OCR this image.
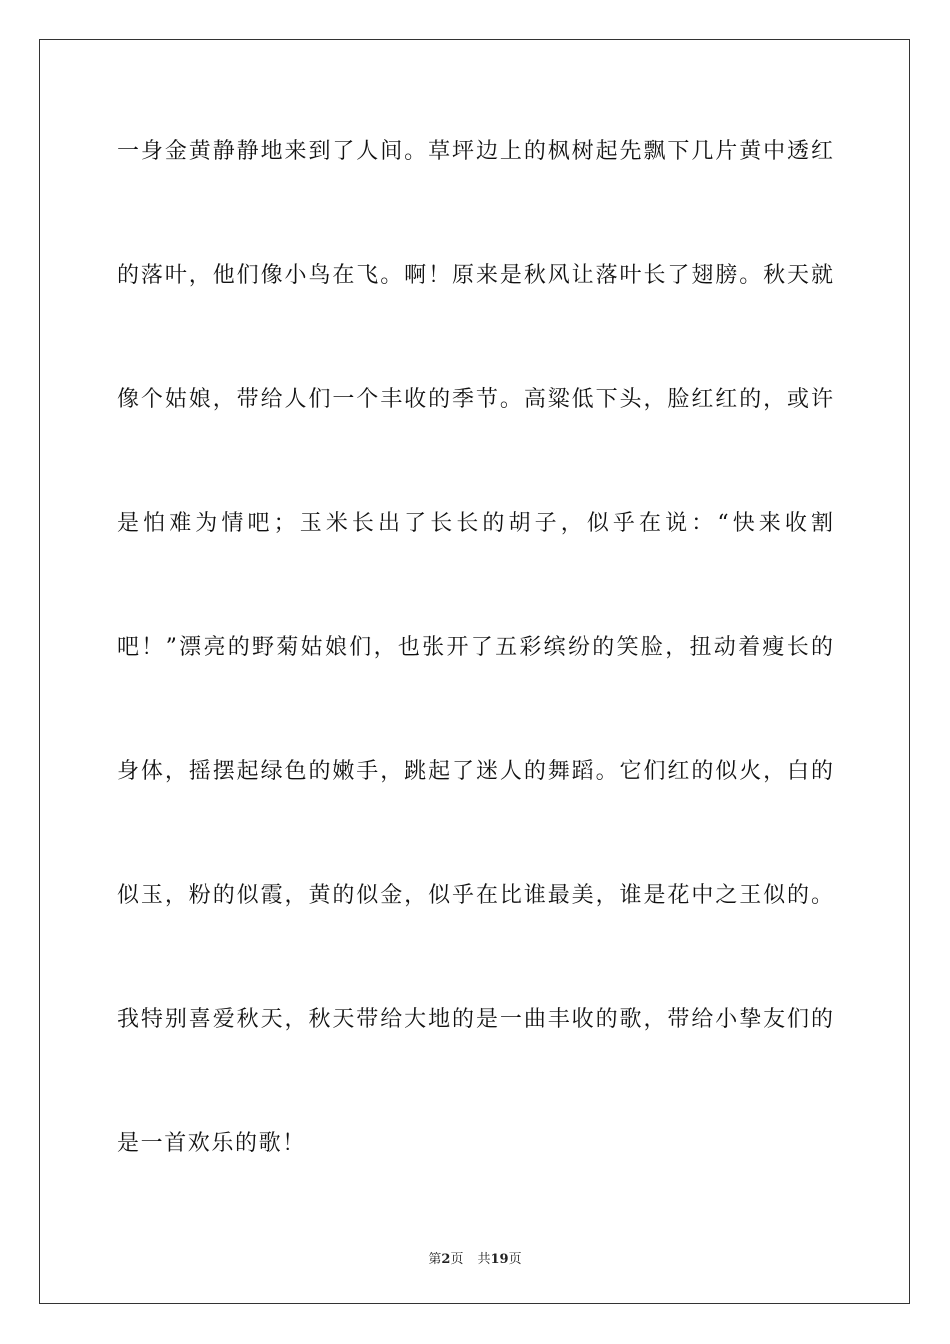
一身金黄静静地来到了人间。草坪边上的枫树起先飘下几片黄中透红
的落叶，他们像小鸟在飞。啊！原来是秋风让落叶长了翅膀。秋天就
像个姑娘，带给人们一个丰收的季节。高粱低下头，脸红红的，或许
是怕难为情吧；玉米长出了长长的胡子，似乎在说：“快来收割
吧！”漂亮的野菊姑娘们，也张开了五彩缤纷的笑脸，扭动着瘦长的
身体，摇摆起绿色的嫩手，跳起了迷人的舞蹈。它们红的似火，白的
似玉，粉的似霞，黄的似金，似乎在比谁最美，谁是花中之王似的。
我特别喜爱秋天，秋天带给大地的是一曲丰收的歌，带给小挚友们的
是一首欢乐的歌！
第2页 共19页
